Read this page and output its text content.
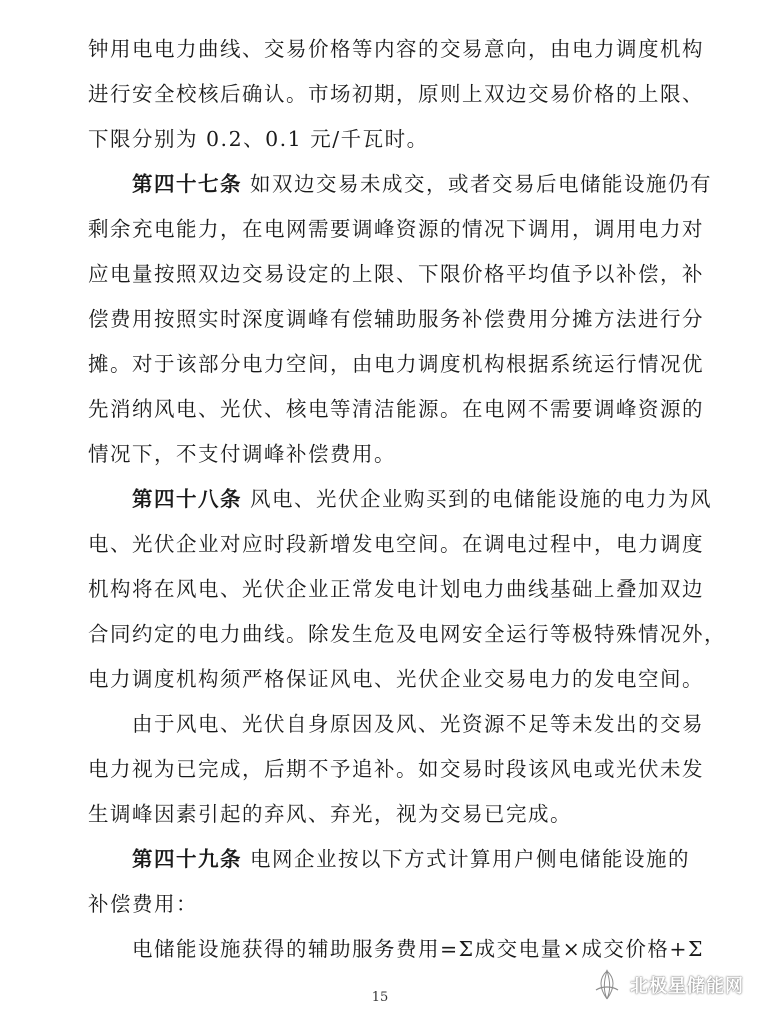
钟用电电力曲线、交易价格等内容的交易意向，由电力调度机构
进行安全校核后确认。市场初期，原则上双边交易价格的上限、
下限分别为 0.2、0.1 元/千瓦时。
第四十七条 如双边交易未成交，或者交易后电储能设施仍有
剩余充电能力，在电网需要调峰资源的情况下调用，调用电力对
应电量按照双边交易设定的上限、下限价格平均值予以补偿，补
偿费用按照实时深度调峰有偿辅助服务补偿费用分摊方法进行分
摊。对于该部分电力空间，由电力调度机构根据系统运行情况优
先消纳风电、光伏、核电等清洁能源。在电网不需要调峰资源的
情况下，不支付调峰补偿费用。
第四十八条 风电、光伏企业购买到的电储能设施的电力为风
电、光伏企业对应时段新增发电空间。在调电过程中，电力调度
机构将在风电、光伏企业正常发电计划电力曲线基础上叠加双边
合同约定的电力曲线。除发生危及电网安全运行等极特殊情况外，
电力调度机构须严格保证风电、光伏企业交易电力的发电空间。
由于风电、光伏自身原因及风、光资源不足等未发出的交易
电力视为已完成，后期不予追补。如交易时段该风电或光伏未发
生调峰因素引起的弃风、弃光，视为交易已完成。
第四十九条 电网企业按以下方式计算用户侧电储能设施的
补偿费用：
电储能设施获得的辅助服务费用=Σ成交电量×成交价格+Σ
15
北极星储能网
